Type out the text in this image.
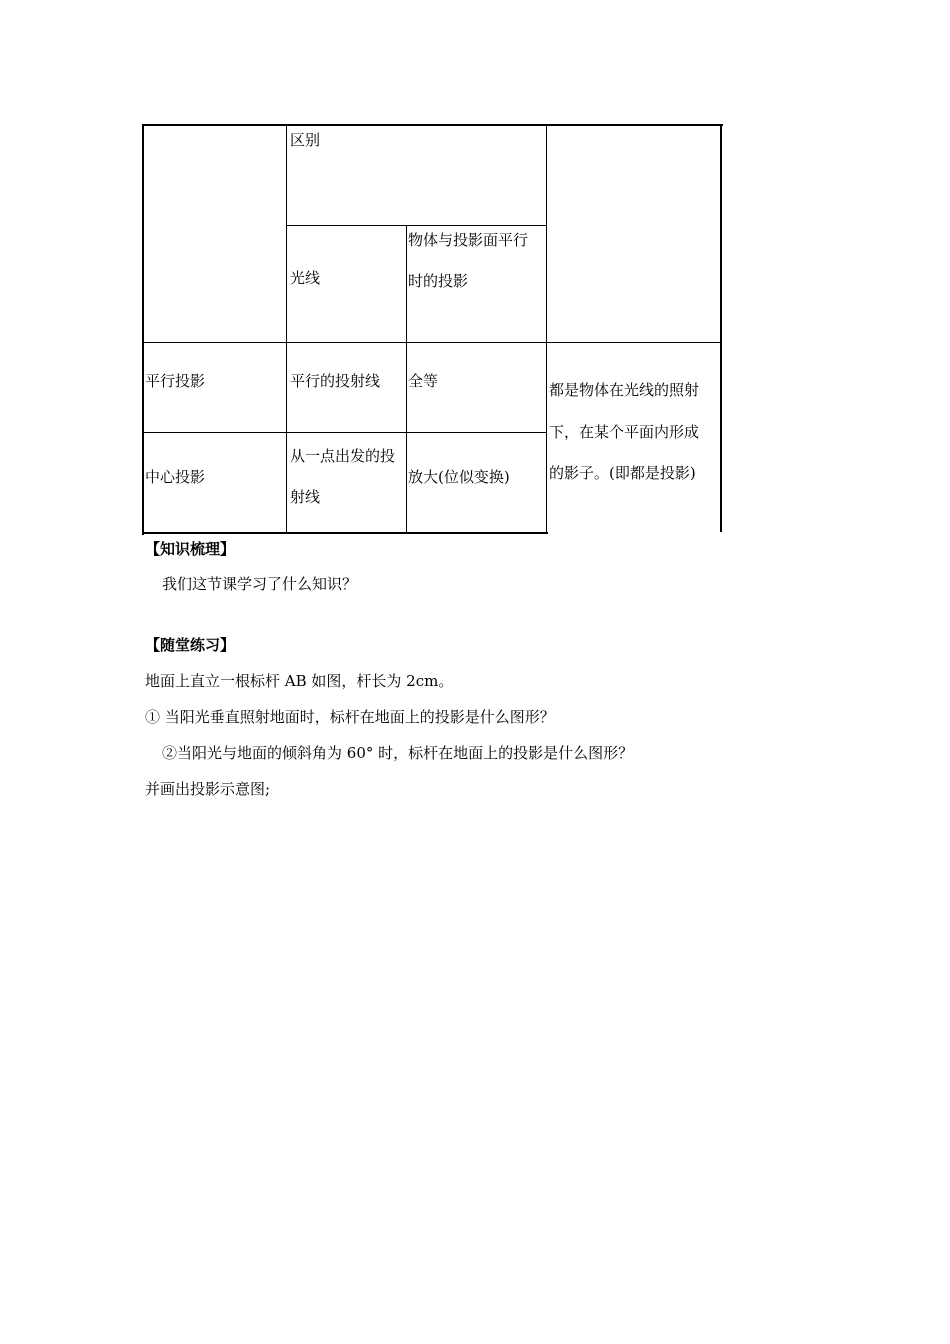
区别
光线
物体与投影面平行
时的投影
平行投影	平行的投射线 全等
中心投影
从一点出发的投
射线
放大(位似变换)
都是物体在光线的照射
下，在某个平面内形成
的影子。(即都是投影)
【知识梳理】
我们这节课学习了什么知识？
【随堂练习】
地面上直立一根标杆 AB 如图，杆长为 2cm。
① 当阳光垂直照射地面时，标杆在地面上的投影是什么图形？
②当阳光与地面的倾斜角为 60° 时，标杆在地面上的投影是什么图形？
并画出投影示意图;
